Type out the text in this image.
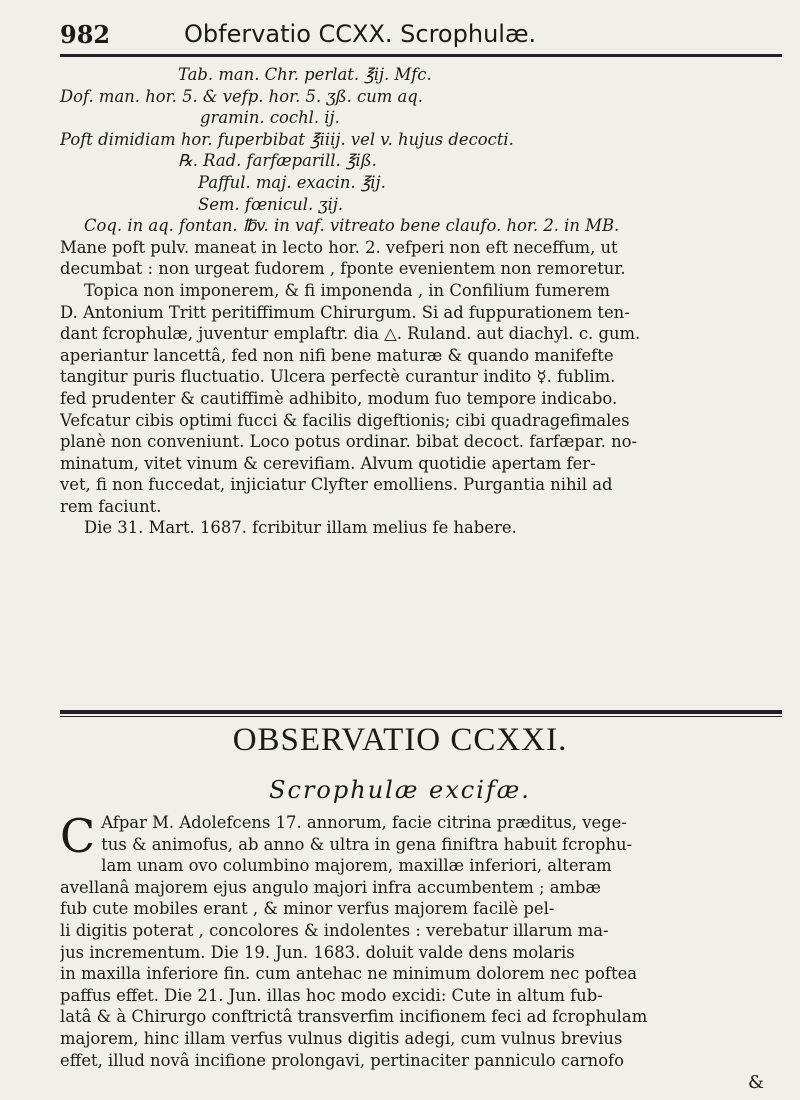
982	Obfervatio CCXX. Scrophulæ.
Tab. man. Chr. perlat. ℥ij. Mfc.
Dof. man. hor. 5. & vefp. hor. 5. ʒß. cum aq.
gramin. cochl. ij.
Poft dimidiam hor. fuperbibat ℥iiij. vel v. hujus decocti.
℞. Rad. farfæparill. ℥iß.
Pafful. maj. exacin. ℥ij.
Sem. fœnicul. ʒij.
Coq. in aq. fontan. ℔v. in vaf. vitreato bene claufo. hor. 2. in MB.
Mane poft pulv. maneat in lecto hor. 2. vefperi non eft neceffum, ut
decumbat : non urgeat fudorem , fponte evenientem non remoretur.
Topica non imponerem, & fi imponenda , in Confilium fumerem
D. Antonium Tritt peritiffimum Chirurgum. Si ad fuppurationem ten-
dant fcrophulæ, juventur emplaftr. dia △. Ruland. aut diachyl. c. gum.
aperiantur lancettâ, fed non nifi bene maturæ & quando manifefte
tangitur puris fluctuatio. Ulcera perfectè curantur indito ☿. fublim.
fed prudenter & cautiffimè adhibito, modum fuo tempore indicabo.
Vefcatur cibis optimi fucci & facilis digeftionis; cibi quadragefimales
planè non conveniunt. Loco potus ordinar. bibat decoct. farfæpar. no-
minatum, vitet vinum & cerevifiam. Alvum quotidie apertam fer-
vet, fi non fuccedat, injiciatur Clyfter emolliens. Purgantia nihil ad
rem faciunt.
Die 31. Mart. 1687. fcribitur illam melius fe habere.
OBSERVATIO CCXXI.
Scrophulæ excifæ.
C Afpar M. Adolefcens 17. annorum, facie citrina præditus, vege-
tus & animofus, ab anno & ultra in gena finiftra habuit fcrophu-
lam unam ovo columbino majorem, maxillæ inferiori, alteram
avellanâ majorem ejus angulo majori infra accumbentem ; ambæ
fub cute mobiles erant , & minor verfus majorem facilè pel-
li digitis poterat , concolores & indolentes : verebatur illarum ma-
jus incrementum. Die 19. Jun. 1683. doluit valde dens molaris
in maxilla inferiore fin. cum antehac ne minimum dolorem nec poftea
paffus effet. Die 21. Jun. illas hoc modo excidi: Cute in altum fub-
latâ & à Chirurgo conftrictâ transverfim incifionem feci ad fcrophulam
majorem, hinc illam verfus vulnus digitis adegi, cum vulnus brevius
effet, illud novâ incifione prolongavi, pertinaciter panniculo carnofo
&
